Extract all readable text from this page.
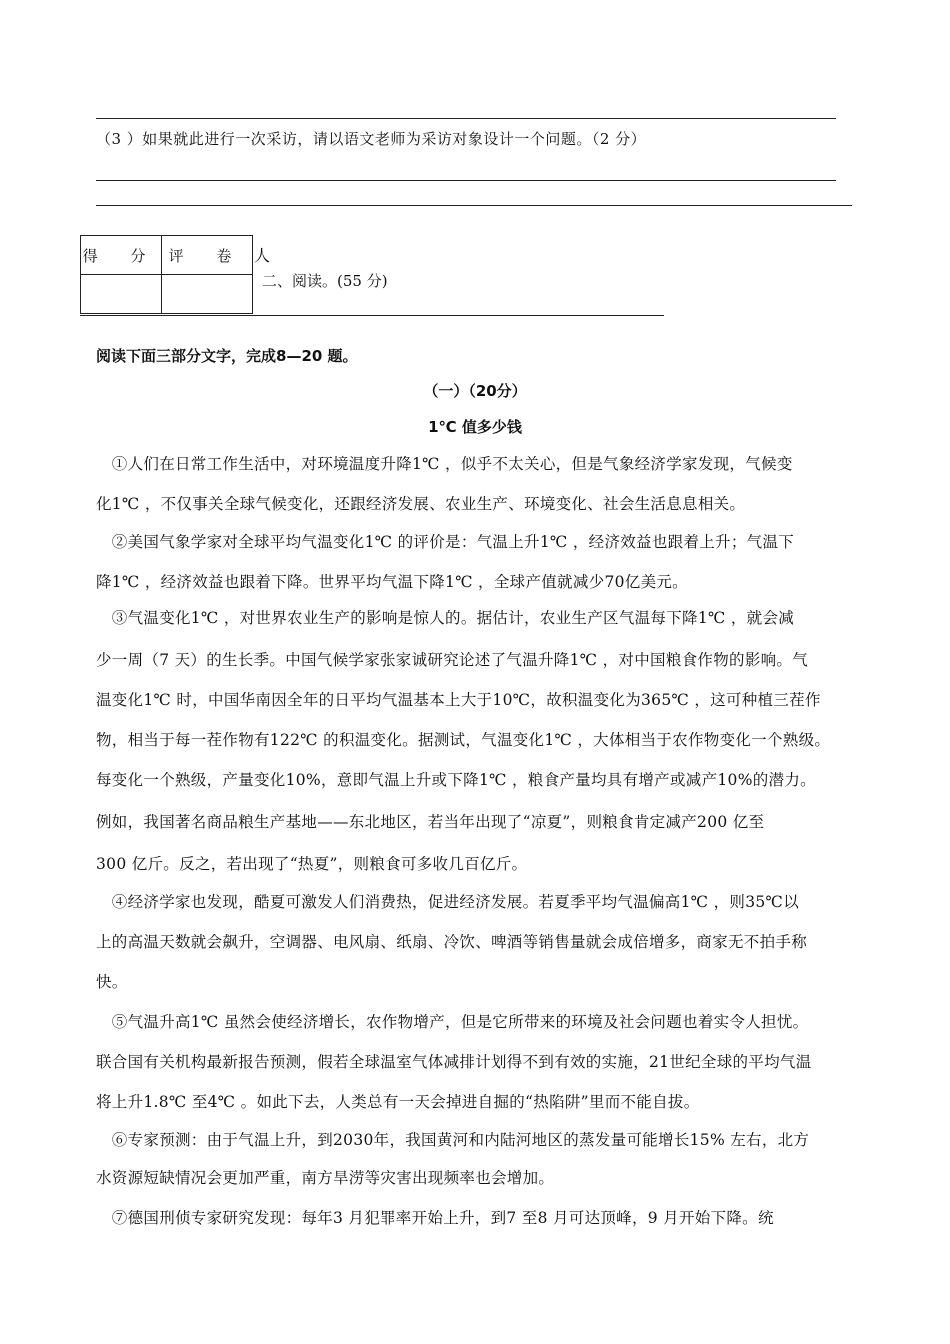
（3 ）如果就此进行一次采访，请以语文老师为采访对象设计一个问题。（2 分）
得 分	评 卷
	人
二、阅读。(55 分)
阅读下面三部分文字，完成8—20 题。
（一）（20分）
1℃ 值多少钱
　①人们在日常工作生活中，对环境温度升降1℃ ，似乎不太关心，但是气象经济学家发现，气候变
化1℃ ，不仅事关全球气候变化，还跟经济发展、农业生产、环境变化、社会生活息息相关。
　②美国气象学家对全球平均气温变化1℃ 的评价是：气温上升1℃ ，经济效益也跟着上升；气温下
降1℃ ，经济效益也跟着下降。世界平均气温下降1℃ ，全球产值就减少70亿美元。
　③气温变化1℃ ，对世界农业生产的影响是惊人的。据估计，农业生产区气温每下降1℃ ，就会减
少一周（7 天）的生长季。中国气候学家张家诚研究论述了气温升降1℃ ，对中国粮食作物的影响。气
温变化1℃ 时，中国华南因全年的日平均气温基本上大于10℃，故积温变化为365℃ ，这可种植三茬作
物，相当于每一茬作物有122℃ 的积温变化。据测试，气温变化1℃ ，大体相当于农作物变化一个熟级。
每变化一个熟级，产量变化10%，意即气温上升或下降1℃ ，粮食产量均具有增产或减产10%的潜力。
例如，我国著名商品粮生产基地——东北地区，若当年出现了“凉夏”，则粮食肯定减产200 亿至
300 亿斤。反之，若出现了“热夏”，则粮食可多收几百亿斤。
　④经济学家也发现，酷夏可激发人们消费热，促进经济发展。若夏季平均气温偏高1℃ ，则35℃以
上的高温天数就会飙升，空调器、电风扇、纸扇、冷饮、啤酒等销售量就会成倍增多，商家无不拍手称
快。
　⑤气温升高1℃ 虽然会使经济增长，农作物增产，但是它所带来的环境及社会问题也着实令人担忧。
联合国有关机构最新报告预测，假若全球温室气体减排计划得不到有效的实施，21世纪全球的平均气温
将上升1.8℃ 至4℃ 。如此下去，人类总有一天会掉进自掘的“热陷阱”里而不能自拔。
　⑥专家预测：由于气温上升，到2030年，我国黄河和内陆河地区的蒸发量可能增长15% 左右，北方
水资源短缺情况会更加严重，南方旱涝等灾害出现频率也会增加。
　⑦德国刑侦专家研究发现：每年3 月犯罪率开始上升，到7 至8 月可达顶峰，9 月开始下降。统
